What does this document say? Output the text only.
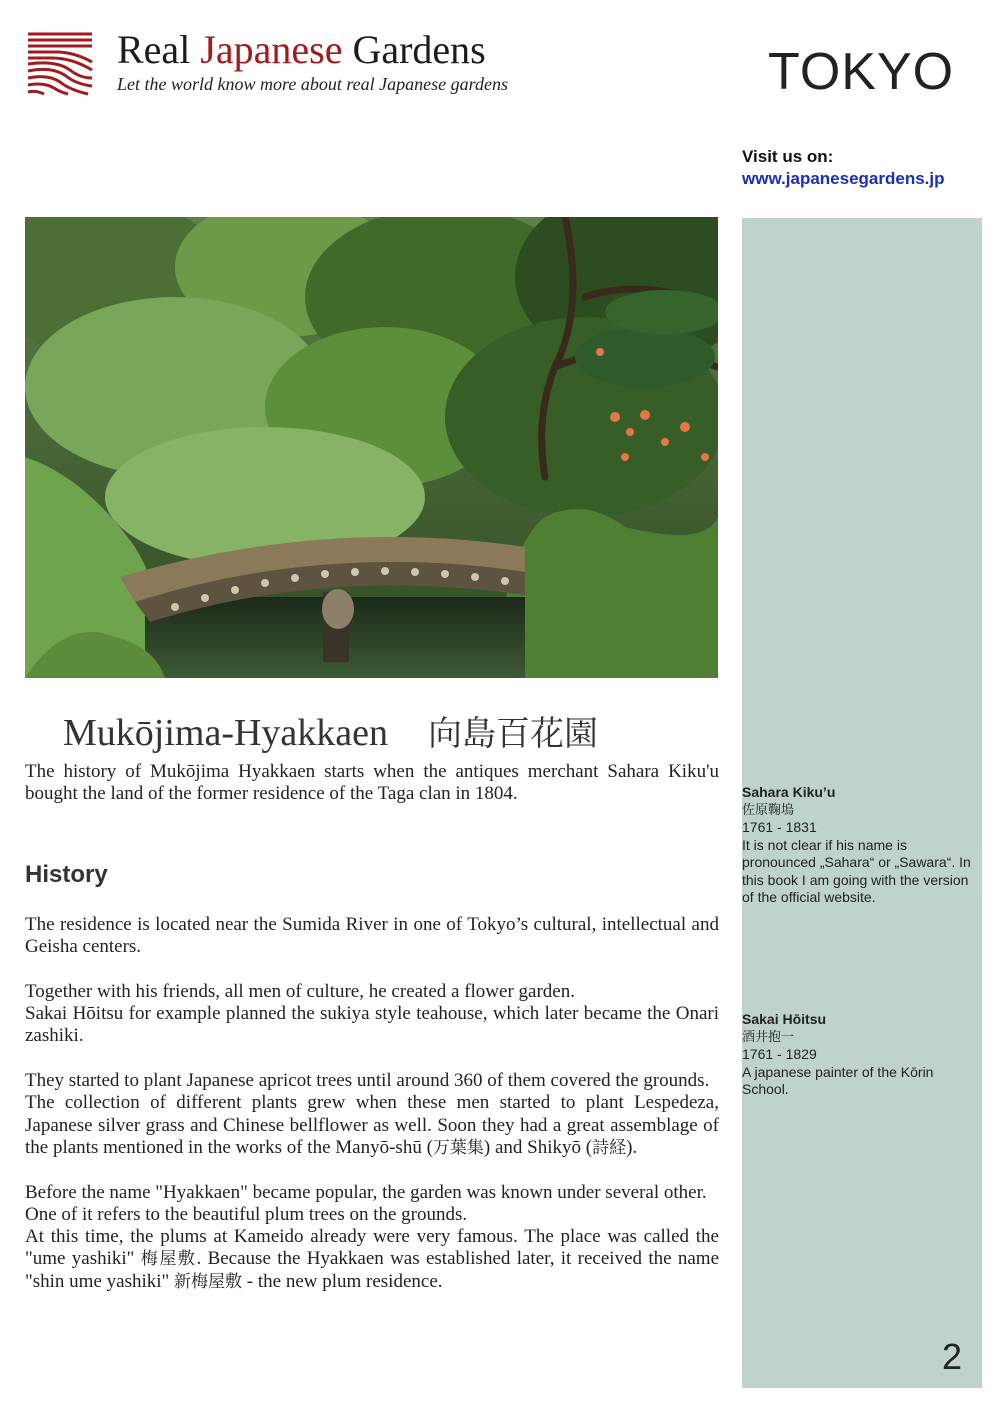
Real Japanese Gardens
Let the world know more about real Japanese gardens	TOKYO
Visit us on:
www.japanesegardens.jp
Sahara Kiku’u
佐原鞠塢
1761 - 1831
It is not clear if his name is pronounced „Sahara“ or „Sawara“. In this book I am going with the version of the official website.
Sakai Hōitsu
酒井抱一
1761 - 1829
A japanese painter of the Kōrin School.
2
Mukōjima-Hyakkaen 向島百花園

The history of Mukōjima Hyakkaen starts when the antiques merchant Sahara Kiku'u bought the land of the former residence of the Taga clan in 1804.

History

The residence is located near the Sumida River in one of Tokyo’s cultural, intellectual and Geisha centers.

Together with his friends, all men of culture, he created a flower garden.

Sakai Hōitsu for example planned the sukiya style teahouse, which later became the Onari zashiki.

They started to plant Japanese apricot trees until around 360 of them covered the grounds.

The collection of different plants grew when these men started to plant Lespedeza, Japanese silver grass and Chinese bellflower as well. Soon they had a great assemblage of the plants mentioned in the works of the Manyō-shū (万葉集) and Shikyō (詩経).

Before the name "Hyakkaen" became popular, the garden was known under several other.

One of it refers to the beautiful plum trees on the grounds.

At this time, the plums at Kameido already were very famous. The place was called the "ume yashiki" 梅屋敷. Because the Hyakkaen was established later, it received the name "shin ume yashiki" 新梅屋敷 - the new plum residence.
